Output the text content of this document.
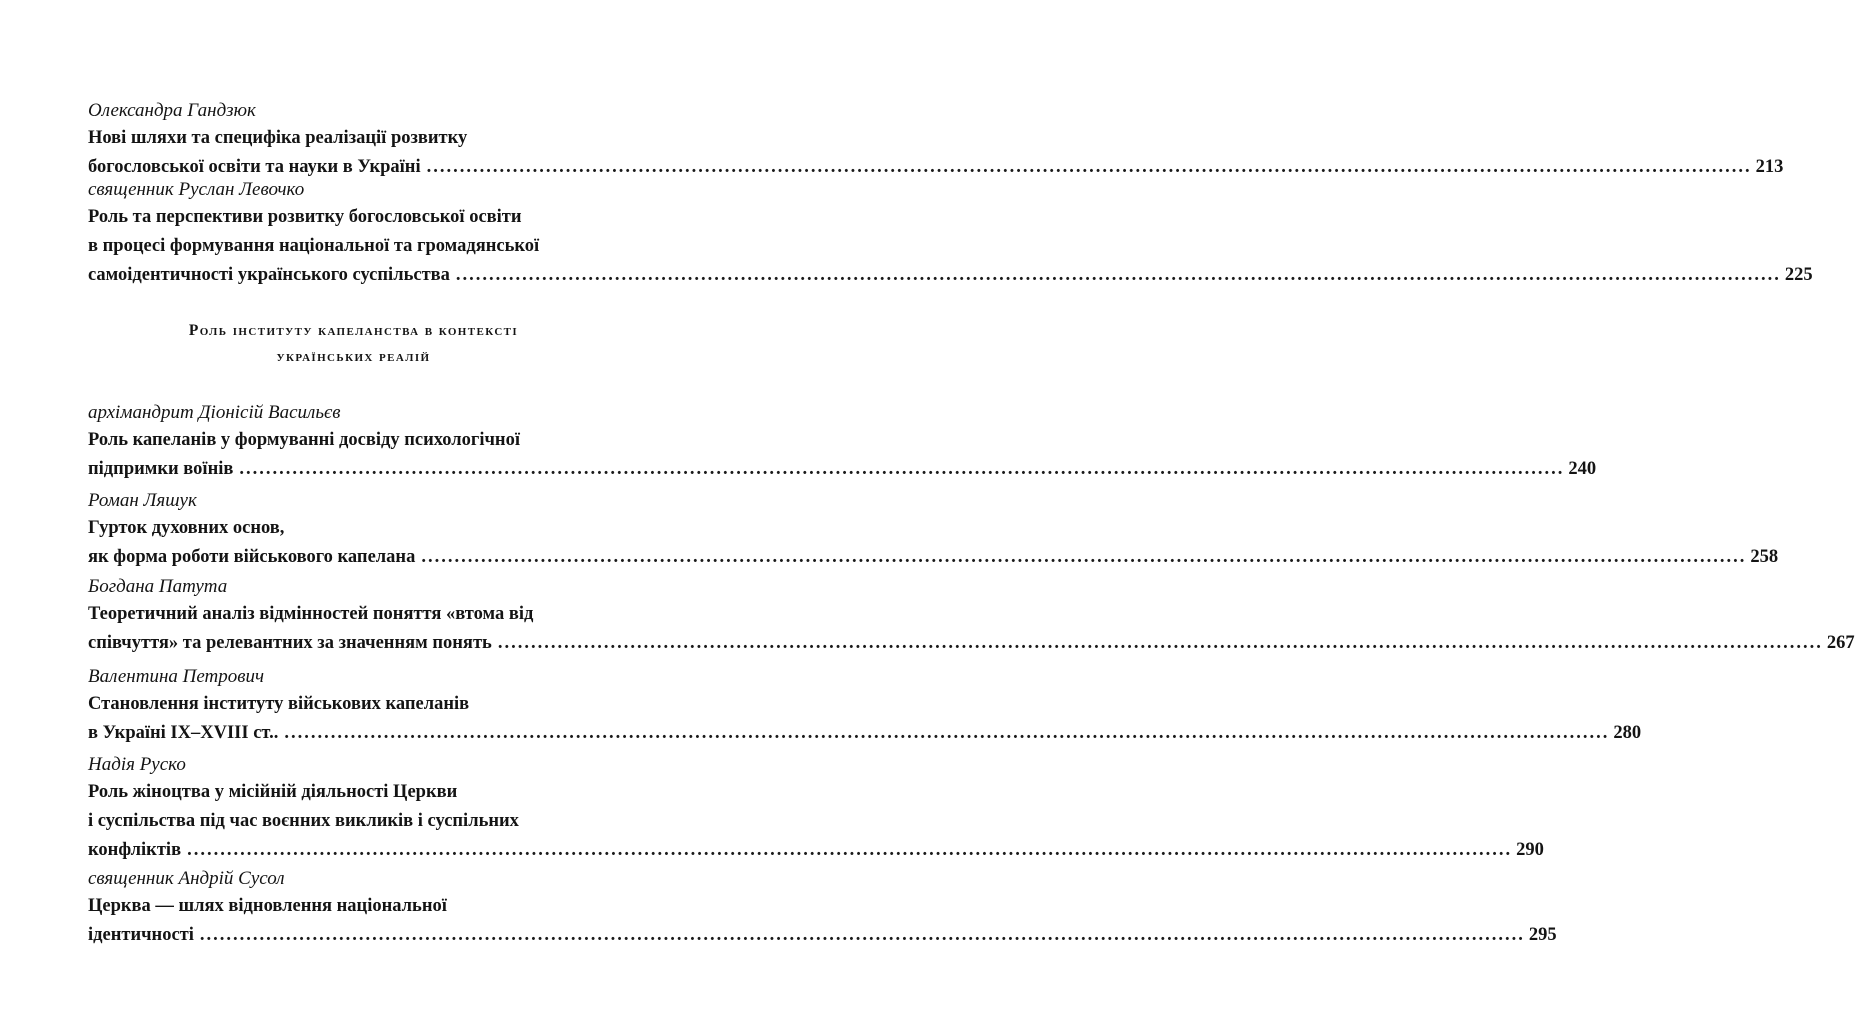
Олександра Гандзюк
Нові шляхи та специфіка реалізації розвитку
богословської освіти та науки в Україні ........................................................................................................................................................................................................ 213
священник Руслан Левочко
Роль та перспективи розвитку богословської освіти
в процесі формування національної та громадянської
самоідентичності українського суспільства ........................................................................................................................................................................................................ 225
Роль інституту капеланства в контексті
українських реалій
архімандрит Діонісій Васильєв
Роль капеланів у формуванні досвіду психологічної
підпримки воїнів ........................................................................................................................................................................................................ 240
Роман Ляшук
Гурток духовних основ,
як форма роботи військового капелана ........................................................................................................................................................................................................ 258
Богдана Патута
Теоретичний аналіз відмінностей поняття «втома від
співчуття» та релевантних за значенням понять ........................................................................................................................................................................................................ 267
Валентина Петрович
Становлення інституту військових капеланів
в Україні IX–XVIII ст.. ........................................................................................................................................................................................................ 280
Надія Руско
Роль жіноцтва у місійній діяльності Церкви
і суспільства під час воєнних викликів і суспільних
конфліктів ........................................................................................................................................................................................................ 290
священник Андрій Сусол
Церква — шлях відновлення національної
ідентичності ........................................................................................................................................................................................................ 295
